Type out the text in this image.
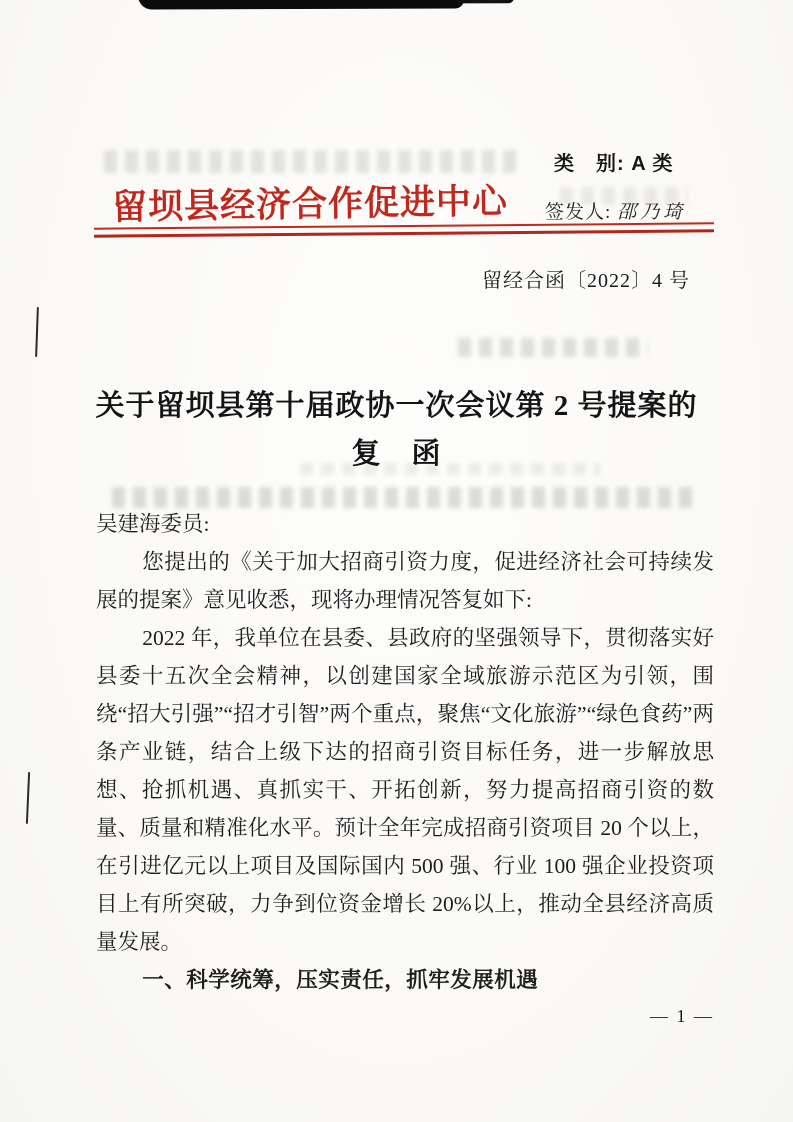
类　别: A 类
留坝县经济合作促进中心 签发人: 邵乃琦
留经合函〔2022〕4 号
关于留坝县第十届政协一次会议第 2 号提案的
复　函

吴建海委员:

您提出的《关于加大招商引资力度，促进经济社会可持续发展的提案》意见收悉，现将办理情况答复如下:

2022 年，我单位在县委、县政府的坚强领导下，贯彻落实好县委十五次全会精神，以创建国家全域旅游示范区为引领，围绕“招大引强”“招才引智”两个重点，聚焦“文化旅游”“绿色食药”两条产业链，结合上级下达的招商引资目标任务，进一步解放思想、抢抓机遇、真抓实干、开拓创新，努力提高招商引资的数量、质量和精准化水平。预计全年完成招商引资项目 20 个以上，在引进亿元以上项目及国际国内 500 强、行业 100 强企业投资项目上有所突破，力争到位资金增长 20%以上，推动全县经济高质量发展。

一、科学统筹，压实责任，抓牢发展机遇

— 1 —
